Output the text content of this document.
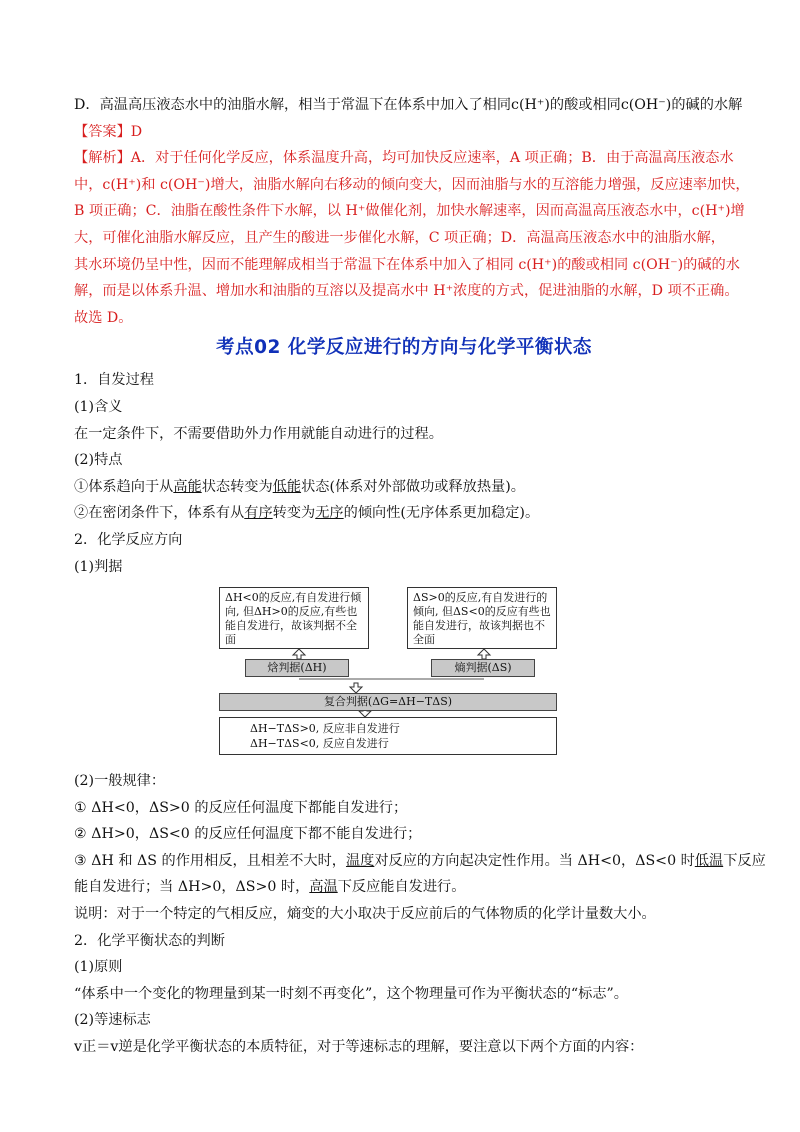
D．高温高压液态水中的油脂水解，相当于常温下在体系中加入了相同c(H⁺)的酸或相同c(OH⁻)的碱的水解
【答案】D
【解析】A．对于任何化学反应，体系温度升高，均可加快反应速率，A 项正确；B．由于高温高压液态水
中，c(H⁺)和 c(OH⁻)增大，油脂水解向右移动的倾向变大，因而油脂与水的互溶能力增强，反应速率加快，
B 项正确；C．油脂在酸性条件下水解，以 H⁺做催化剂，加快水解速率，因而高温高压液态水中，c(H⁺)增
大，可催化油脂水解反应，且产生的酸进一步催化水解，C 项正确；D．高温高压液态水中的油脂水解，
其水环境仍呈中性，因而不能理解成相当于常温下在体系中加入了相同 c(H⁺)的酸或相同 c(OH⁻)的碱的水
解，而是以体系升温、增加水和油脂的互溶以及提高水中 H⁺浓度的方式，促进油脂的水解，D 项不正确。
故选 D。
考点02 化学反应进行的方向与化学平衡状态
1．自发过程
(1)含义
在一定条件下，不需要借助外力作用就能自动进行的过程。
(2)特点
①体系趋向于从高能状态转变为低能状态(体系对外部做功或释放热量)。
②在密闭条件下，体系有从有序转变为无序的倾向性(无序体系更加稳定)。
2．化学反应方向
(1)判据
ΔH<0的反应,有自发进行倾向, 但ΔH>0的反应,有些也能自发进行，故该判据不全面
ΔS>0的反应,有自发进行的倾向, 但ΔS<0的反应有些也能自发进行，故该判据也不全面
焓判据(ΔH)	熵判据(ΔS)
复合判据(ΔG=ΔH−TΔS)
ΔH−TΔS>0, 反应非自发进行
ΔH−TΔS<0, 反应自发进行
(2)一般规律：
① ΔH<0，ΔS>0 的反应任何温度下都能自发进行；
② ΔH>0，ΔS<0 的反应任何温度下都不能自发进行；
③ ΔH 和 ΔS 的作用相反，且相差不大时，温度对反应的方向起决定性作用。当 ΔH<0，ΔS<0 时低温下反应
能自发进行；当 ΔH>0，ΔS>0 时，高温下反应能自发进行。
说明：对于一个特定的气相反应，熵变的大小取决于反应前后的气体物质的化学计量数大小。
2．化学平衡状态的判断
(1)原则
“体系中一个变化的物理量到某一时刻不再变化”，这个物理量可作为平衡状态的“标志”。
(2)等速标志
v正＝v逆是化学平衡状态的本质特征，对于等速标志的理解，要注意以下两个方面的内容：
